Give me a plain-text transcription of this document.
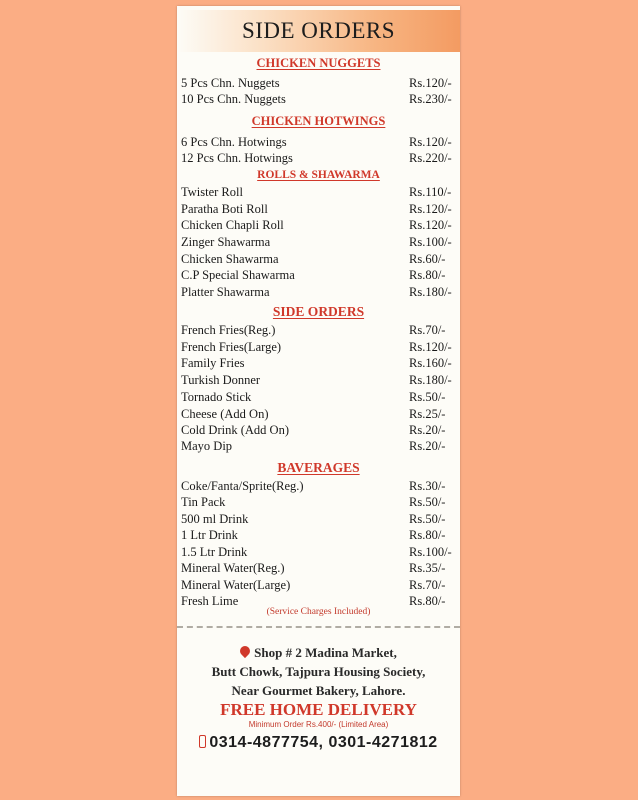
SIDE ORDERS
CHICKEN NUGGETS
5 Pcs Chn. Nuggets	Rs.120/-
10 Pcs Chn. Nuggets	Rs.230/-
CHICKEN HOTWINGS
6 Pcs Chn. Hotwings	Rs.120/-
12 Pcs Chn. Hotwings	Rs.220/-
ROLLS & SHAWARMA
Twister Roll	Rs.110/-
Paratha Boti Roll	Rs.120/-
Chicken Chapli Roll	Rs.120/-
Zinger Shawarma	Rs.100/-
Chicken Shawarma	Rs.60/-
C.P Special Shawarma	Rs.80/-
Platter Shawarma	Rs.180/-
SIDE ORDERS
French Fries(Reg.)	Rs.70/-
French Fries(Large)	Rs.120/-
Family Fries	Rs.160/-
Turkish Donner	Rs.180/-
Tornado Stick	Rs.50/-
Cheese (Add On)	Rs.25/-
Cold Drink (Add On)	Rs.20/-
Mayo Dip	Rs.20/-
BAVERAGES
Coke/Fanta/Sprite(Reg.)	Rs.30/-
Tin Pack	Rs.50/-
500 ml Drink	Rs.50/-
1 Ltr Drink	Rs.80/-
1.5 Ltr Drink	Rs.100/-
Mineral Water(Reg.)	Rs.35/-
Mineral Water(Large)	Rs.70/-
Fresh Lime	Rs.80/-
(Service Charges Included)
Shop # 2 Madina Market,
Butt Chowk, Tajpura Housing Society,
Near Gourmet Bakery, Lahore.
FREE HOME DELIVERY
Minimum Order Rs.400/- (Limited Area)
0314-4877754, 0301-4271812
